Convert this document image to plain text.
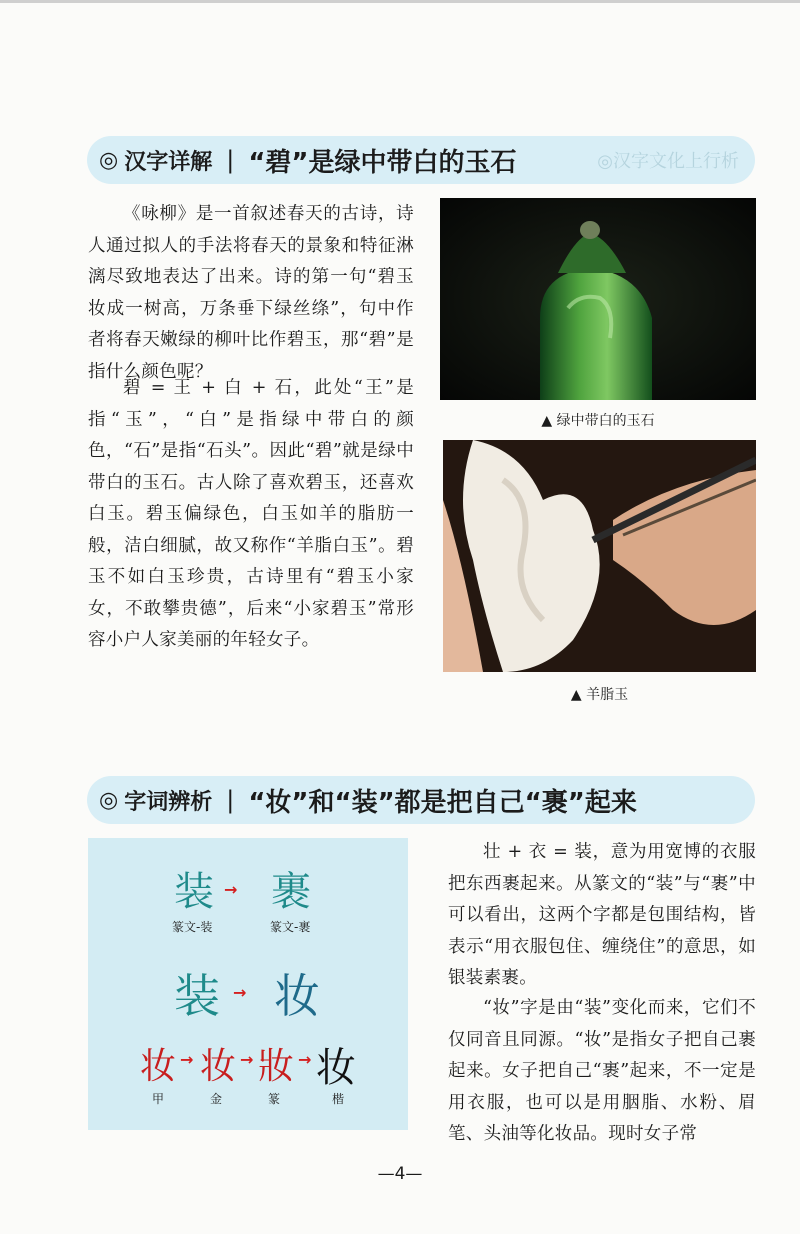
◎ 汉字详解 | “碧”是绿中带白的玉石	◎汉字文化上行析

《咏柳》是一首叙述春天的古诗，诗人通过拟人的手法将春天的景象和特征淋漓尽致地表达了出来。诗的第一句“碧玉妆成一树高，万条垂下绿丝绦”，句中作者将春天嫩绿的柳叶比作碧玉，那“碧”是指什么颜色呢？

碧 = 王 + 白 + 石，此处“王”是指“玉”，“白”是指绿中带白的颜色，“石”是指“石头”。因此“碧”就是绿中带白的玉石。古人除了喜欢碧玉，还喜欢白玉。碧玉偏绿色，白玉如羊的脂肪一般，洁白细腻，故又称作“羊脂白玉”。碧玉不如白玉珍贵，古诗里有“碧玉小家女，不敢攀贵德”，后来“小家碧玉”常形容小户人家美丽的年轻女子。

▲ 绿中带白的玉石
▲ 羊脂玉
◎ 字词辨析 | “妆”和“装”都是把自己“裹”起来
装 → 裹
篆文-装	篆文-裹
装 → 妆
妆 → 妆 → 妝 → 妆
甲	金	篆	楷

壮 + 衣 = 装，意为用宽博的衣服把东西裹起来。从篆文的“装”与“裹”中可以看出，这两个字都是包围结构，皆表示“用衣服包住、缠绕住”的意思，如银装素裹。

“妆”字是由“装”变化而来，它们不仅同音且同源。“妆”是指女子把自己裹起来。女子把自己“裹”起来，不一定是用衣服，也可以是用胭脂、水粉、眉笔、头油等化妆品。现时女子常

—4—
